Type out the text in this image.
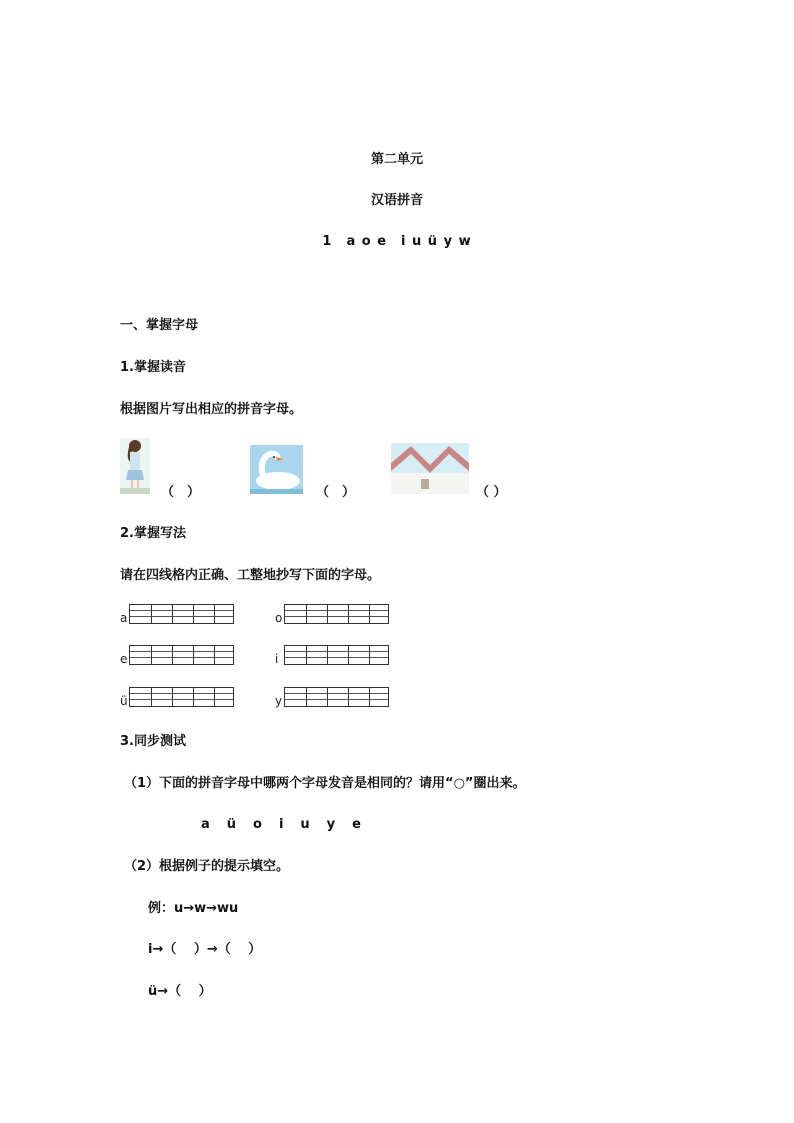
第二单元
汉语拼音
1　a o e　i u ü y w
一、掌握字母
1.掌握读音
根据图片写出相应的拼音字母。
（　）	（　）	（ ）
2.掌握写法
请在四线格内正确、工整地抄写下面的字母。
a	o
e	i
ü	y
3.同步测试
（1）下面的拼音字母中哪两个字母发音是相同的？请用“○”圈出来。
a　ü　o　i　u　y　e
（2）根据例子的提示填空。
例：u→w→wu
i→（　 ）→（　 ）
ü→（　 ）
